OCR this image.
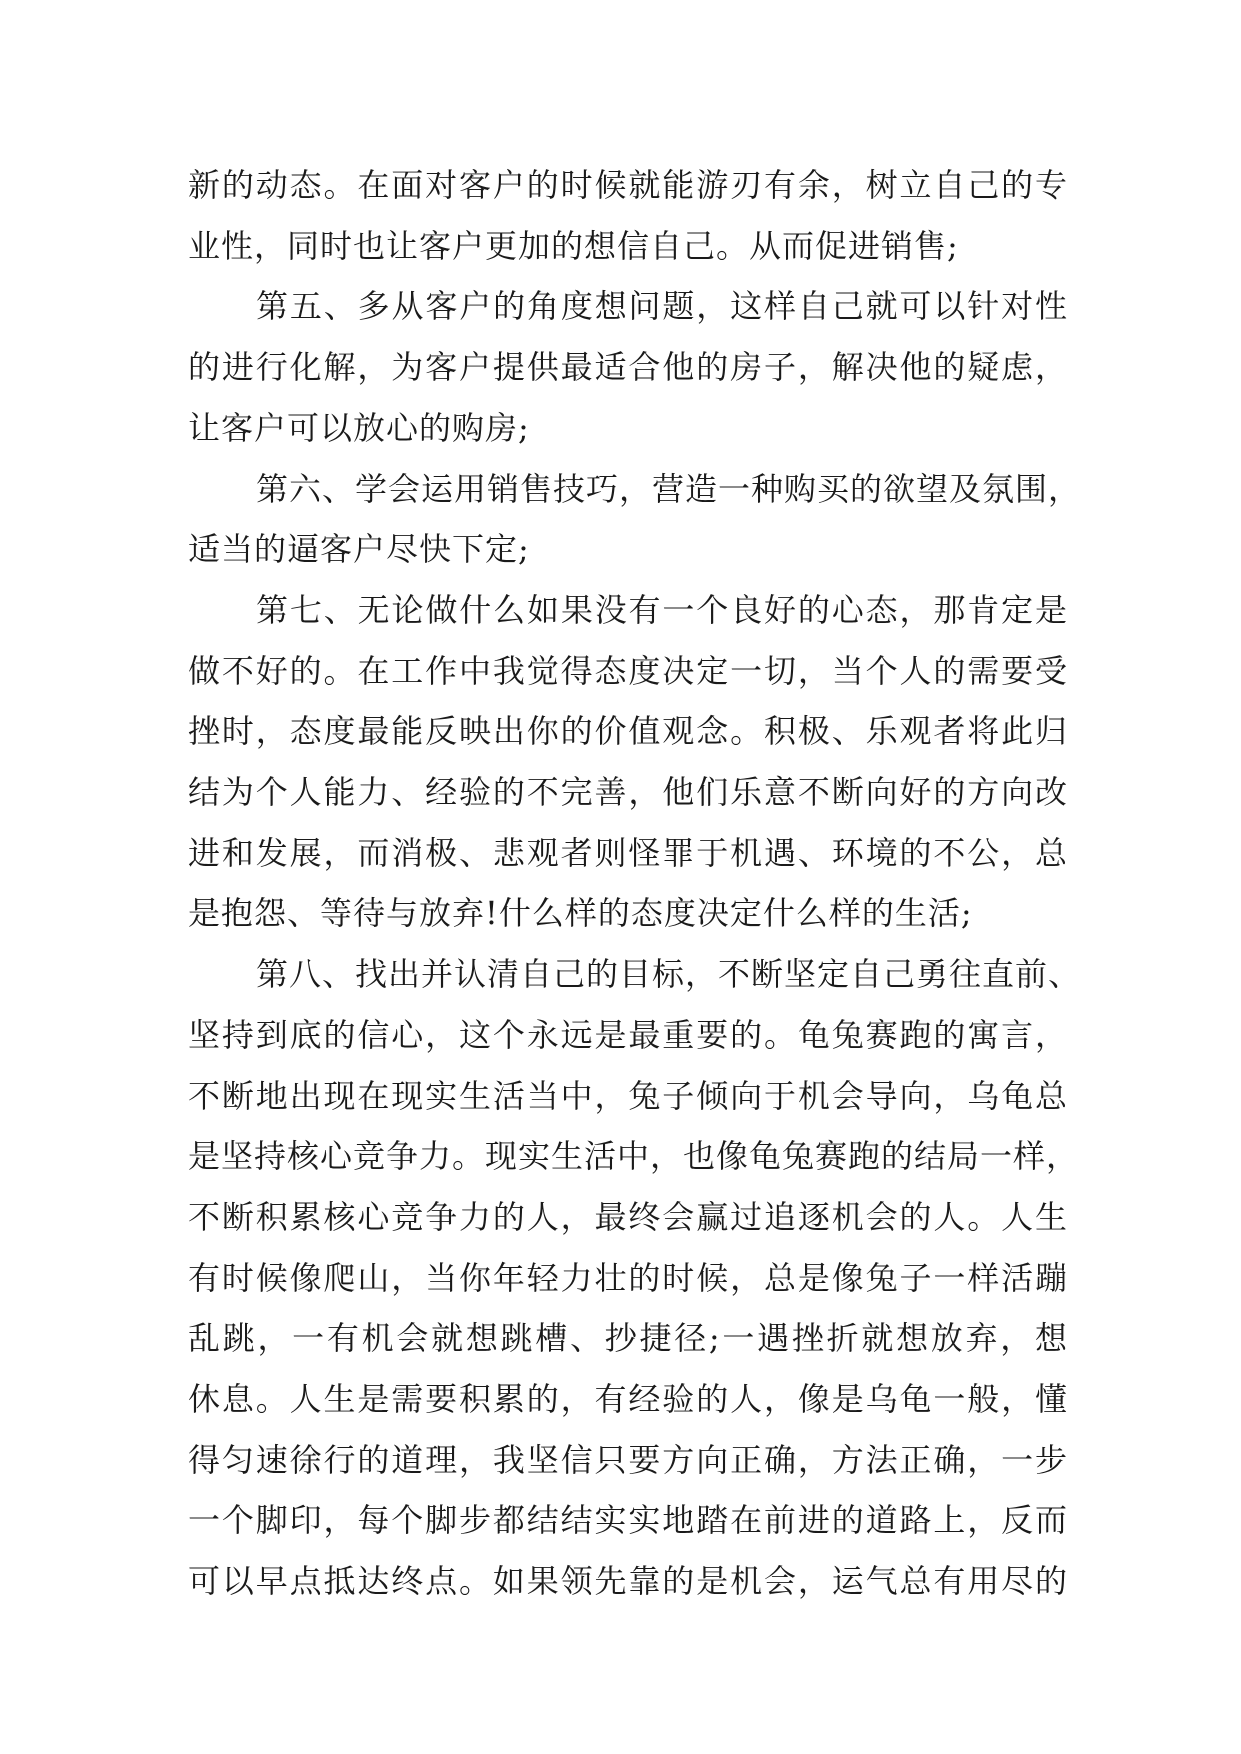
新的动态。在面对客户的时候就能游刃有余，树立自己的专
业性，同时也让客户更加的想信自己。从而促进销售;
第五、多从客户的角度想问题，这样自己就可以针对性
的进行化解，为客户提供最适合他的房子，解决他的疑虑，
让客户可以放心的购房;
第六、学会运用销售技巧，营造一种购买的欲望及氛围，
适当的逼客户尽快下定;
第七、无论做什么如果没有一个良好的心态，那肯定是
做不好的。在工作中我觉得态度决定一切，当个人的需要受
挫时，态度最能反映出你的价值观念。积极、乐观者将此归
结为个人能力、经验的不完善，他们乐意不断向好的方向改
进和发展，而消极、悲观者则怪罪于机遇、环境的不公，总
是抱怨、等待与放弃!什么样的态度决定什么样的生活;
第八、找出并认清自己的目标，不断坚定自己勇往直前、
坚持到底的信心，这个永远是最重要的。龟兔赛跑的寓言，
不断地出现在现实生活当中，兔子倾向于机会导向，乌龟总
是坚持核心竞争力。现实生活中，也像龟兔赛跑的结局一样，
不断积累核心竞争力的人，最终会赢过追逐机会的人。人生
有时候像爬山，当你年轻力壮的时候，总是像兔子一样活蹦
乱跳，一有机会就想跳槽、抄捷径;一遇挫折就想放弃，想
休息。人生是需要积累的，有经验的人，像是乌龟一般，懂
得匀速徐行的道理，我坚信只要方向正确，方法正确，一步
一个脚印，每个脚步都结结实实地踏在前进的道路上，反而
可以早点抵达终点。如果领先靠的是机会，运气总有用尽的
